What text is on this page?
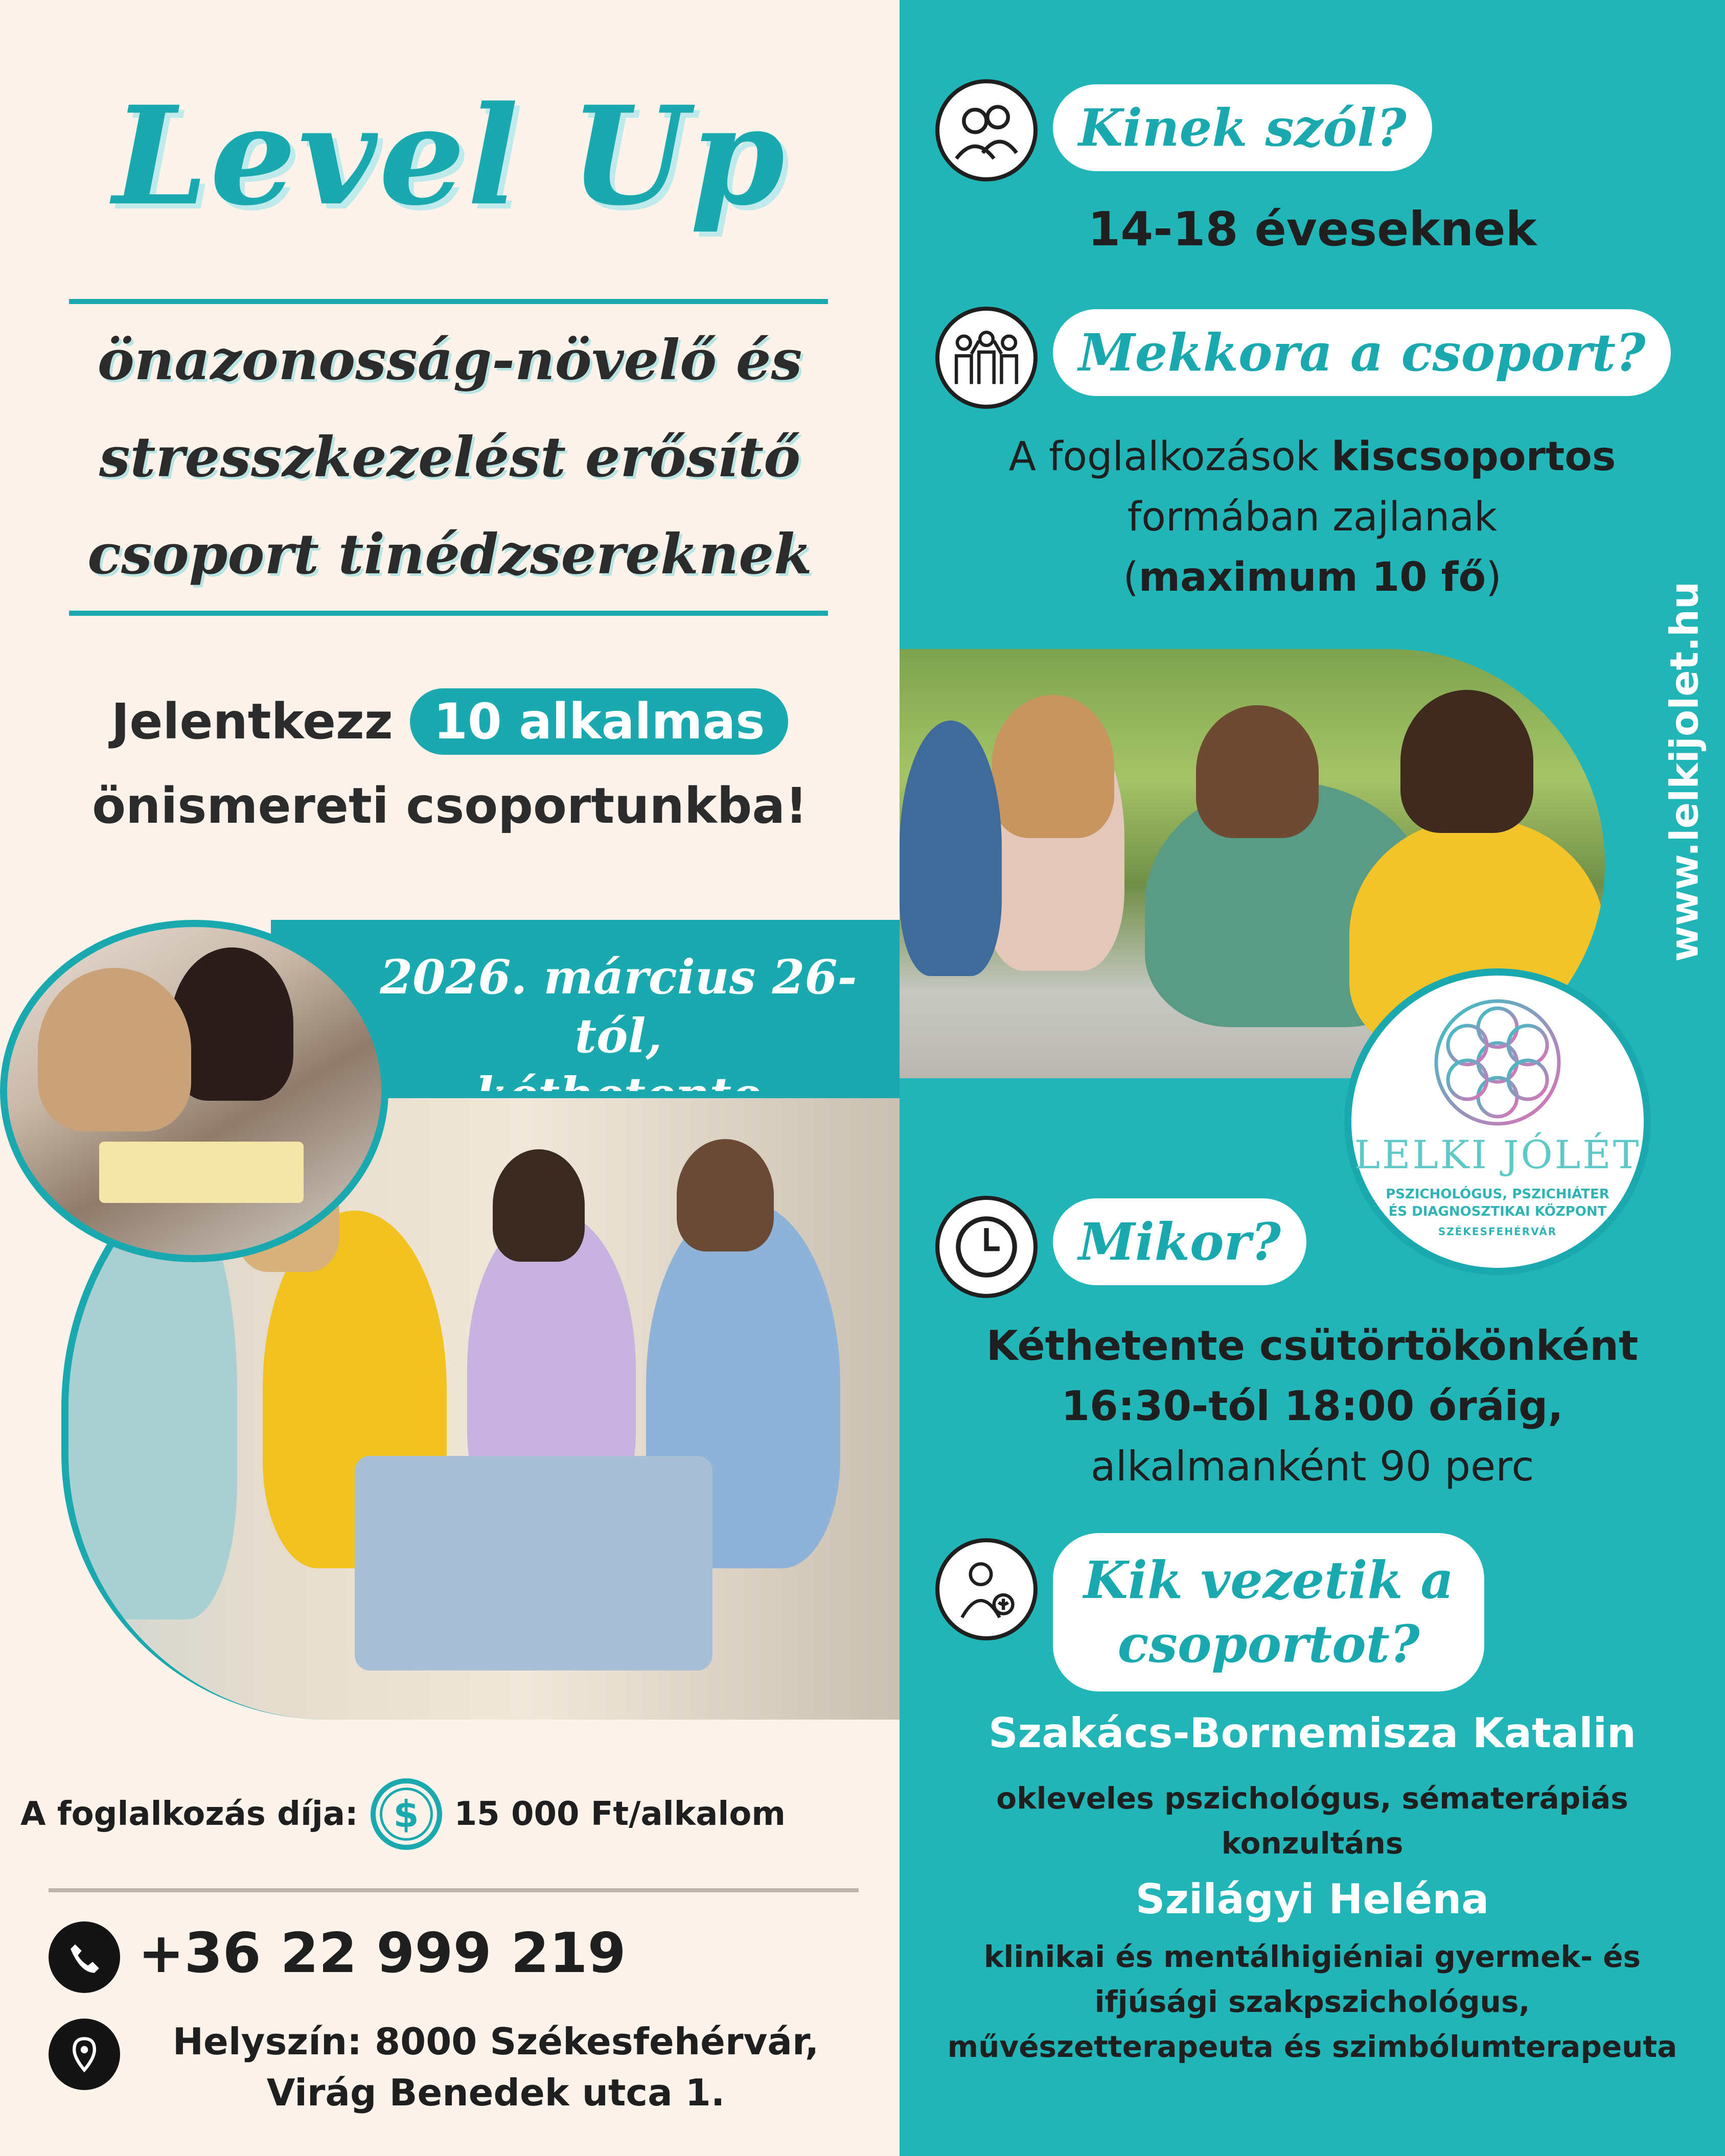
Level Up
önazonosság-növelő és
stresszkezelést erősítő
csoport tinédzsereknek
Jelentkezz 10 alkalmas
önismereti csoportunkba!
2026. március 26-tól,
LELKI JÓLÉT
PSZICHOLÓGUS, PSZICHIÁTER
ÉS DIAGNOSZTIKAI KÖZPONT
SZÉKESFEHÉRVÁR
www.lelkijolet.hu
Kinek szól?
14-18 éveseknek
Mekkora a csoport?
A foglalkozások kiscsoportos
formában zajlanak
(maximum 10 fő)
Mikor?
Kéthetente csütörtökönként
16:30-tól 18:00 óráig,
alkalmanként 90 perc
Kik vezetik a
csoportot?
Szakács-Bornemisza Katalin
okleveles pszichológus, sématerápiás
konzultáns
Szilágyi Heléna
klinikai és mentálhigiéniai gyermek- és
ifjúsági szakpszichológus,
művészetterapeuta és szimbólumterapeuta
A foglalkozás díja: $	15 000 Ft/alkalom
+36 22 999 219
Helyszín: 8000 Székesfehérvár,
Virág Benedek utca 1.
